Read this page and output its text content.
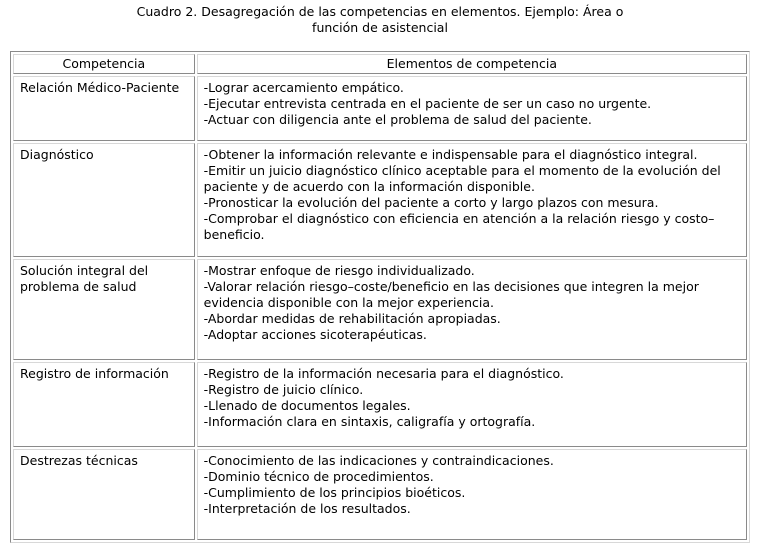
Cuadro 2. Desagregación de las competencias en elementos. Ejemplo: Área o
función de asistencial
Competencia	Elementos de competencia
Relación Médico-Paciente	-Lograr acercamiento empático.
-Ejecutar entrevista centrada en el paciente de ser un caso no urgente.
-Actuar con diligencia ante el problema de salud del paciente.

Diagnóstico	-Obtener la información relevante e indispensable para el diagnóstico integral.
-Emitir un juicio diagnóstico clínico aceptable para el momento de la evolución del paciente y de acuerdo con la información disponible.
-Pronosticar la evolución del paciente a corto y largo plazos con mesura.
-Comprobar el diagnóstico con eficiencia en atención a la relación riesgo y costo–beneficio.

Solución integral del problema de salud	-Mostrar enfoque de riesgo individualizado.
-Valorar relación riesgo–coste/beneficio en las decisiones que integren la mejor evidencia disponible con la mejor experiencia.
-Abordar medidas de rehabilitación apropiadas.
-Adoptar acciones sicoterapéuticas.

Registro de información	-Registro de la información necesaria para el diagnóstico.
-Registro de juicio clínico.
-Llenado de documentos legales.
-Información clara en sintaxis, caligrafía y ortografía.

Destrezas técnicas	-Conocimiento de las indicaciones y contraindicaciones.
-Dominio técnico de procedimientos.
-Cumplimiento de los principios bioéticos.
-Interpretación de los resultados.
